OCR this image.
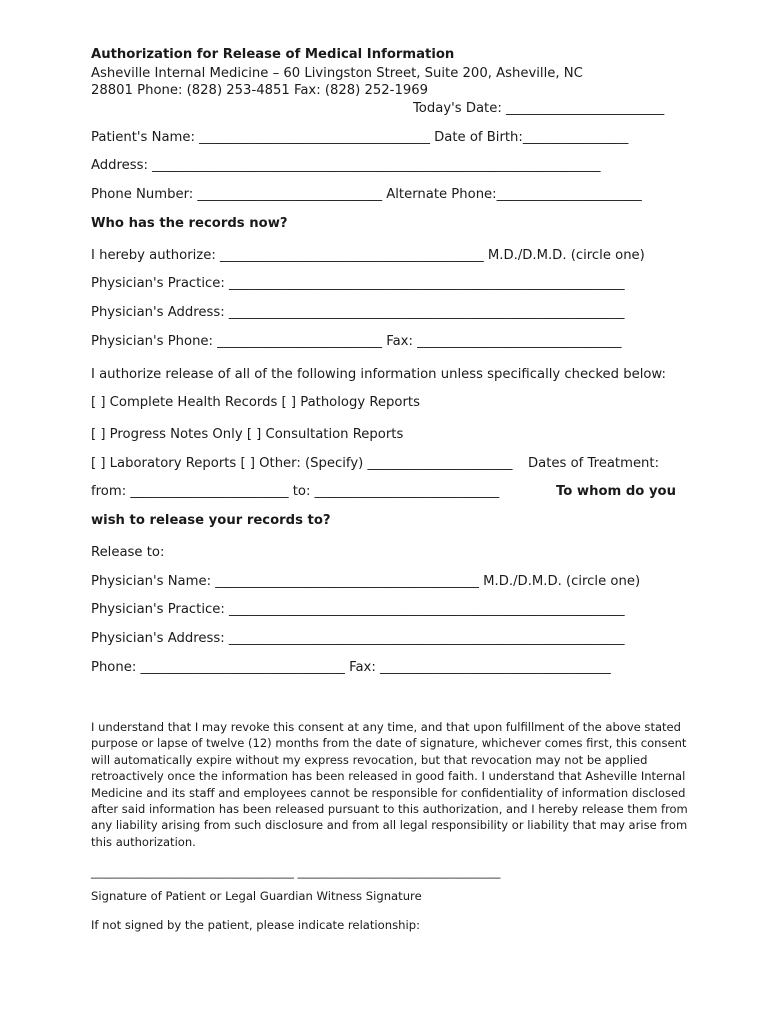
Authorization for Release of Medical Information
Asheville Internal Medicine – 60 Livingston Street, Suite 200, Asheville, NC
28801 Phone: (828) 253-4851 Fax: (828) 252-1969
Today's Date: ________________________
Patient's Name: ___________________________________ Date of Birth:________________
Address: ____________________________________________________________________
Phone Number: ____________________________ Alternate Phone:______________________
Who has the records now?
I hereby authorize: ________________________________________ M.D./D.M.D. (circle one)
Physician's Practice: ____________________________________________________________
Physician's Address: ____________________________________________________________
Physician's Phone: _________________________ Fax: _______________________________
I authorize release of all of the following information unless specifically checked below:
[ ] Complete Health Records [ ] Pathology Reports
[ ] Progress Notes Only [ ] Consultation Reports
[ ] Laboratory Reports [ ] Other: (Specify) ______________________ Dates of Treatment:
from: ________________________ to: ____________________________	To whom do you
wish to release your records to?
Release to:
Physician's Name: ________________________________________ M.D./D.M.D. (circle one)
Physician's Practice: ____________________________________________________________
Physician's Address: ____________________________________________________________
Phone: _______________________________ Fax: ___________________________________
I understand that I may revoke this consent at any time, and that upon fulfillment of the above stated
purpose or lapse of twelve (12) months from the date of signature, whichever comes first, this consent
will automatically expire without my express revocation, but that revocation may not be applied
retroactively once the information has been released in good faith. I understand that Asheville Internal
Medicine and its staff and employees cannot be responsible for confidentiality of information disclosed
after said information has been released pursuant to this authorization, and I hereby release them from
any liability arising from such disclosure and from all legal responsibility or liability that may arise from
this authorization.
___________________________________ ___________________________________
Signature of Patient or Legal Guardian Witness Signature
If not signed by the patient, please indicate relationship:
